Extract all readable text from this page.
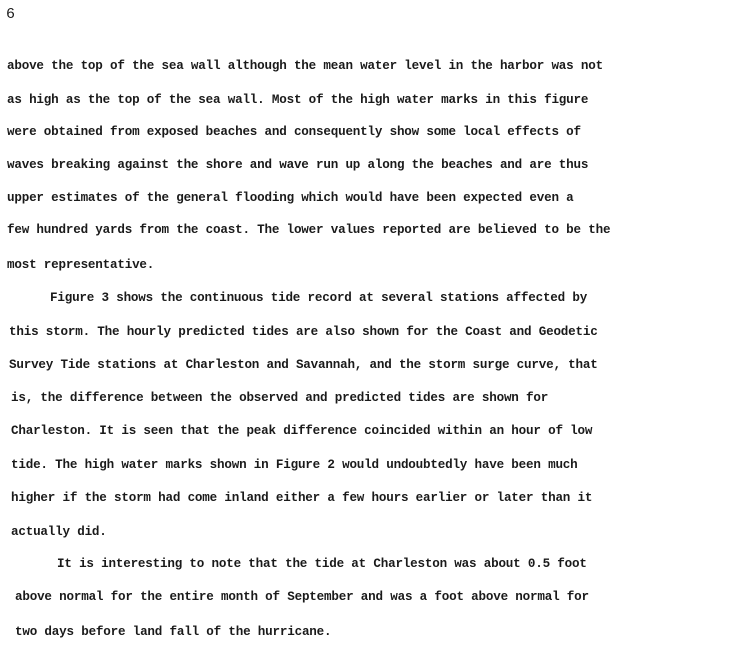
6
above the top of the sea wall although the mean water level in the harbor was not
as high as the top of the sea wall. Most of the high water marks in this figure
were obtained from exposed beaches and consequently show some local effects of
waves breaking against the shore and wave run up along the beaches and are thus
upper estimates of the general flooding which would have been expected even a
few hundred yards from the coast. The lower values reported are believed to be the
most representative.
Figure 3 shows the continuous tide record at several stations affected by
this storm. The hourly predicted tides are also shown for the Coast and Geodetic
Survey Tide stations at Charleston and Savannah, and the storm surge curve, that
is, the difference between the observed and predicted tides are shown for
Charleston. It is seen that the peak difference coincided within an hour of low
tide. The high water marks shown in Figure 2 would undoubtedly have been much
higher if the storm had come inland either a few hours earlier or later than it
actually did.
It is interesting to note that the tide at Charleston was about 0.5 foot
above normal for the entire month of September and was a foot above normal for
two days before land fall of the hurricane.
